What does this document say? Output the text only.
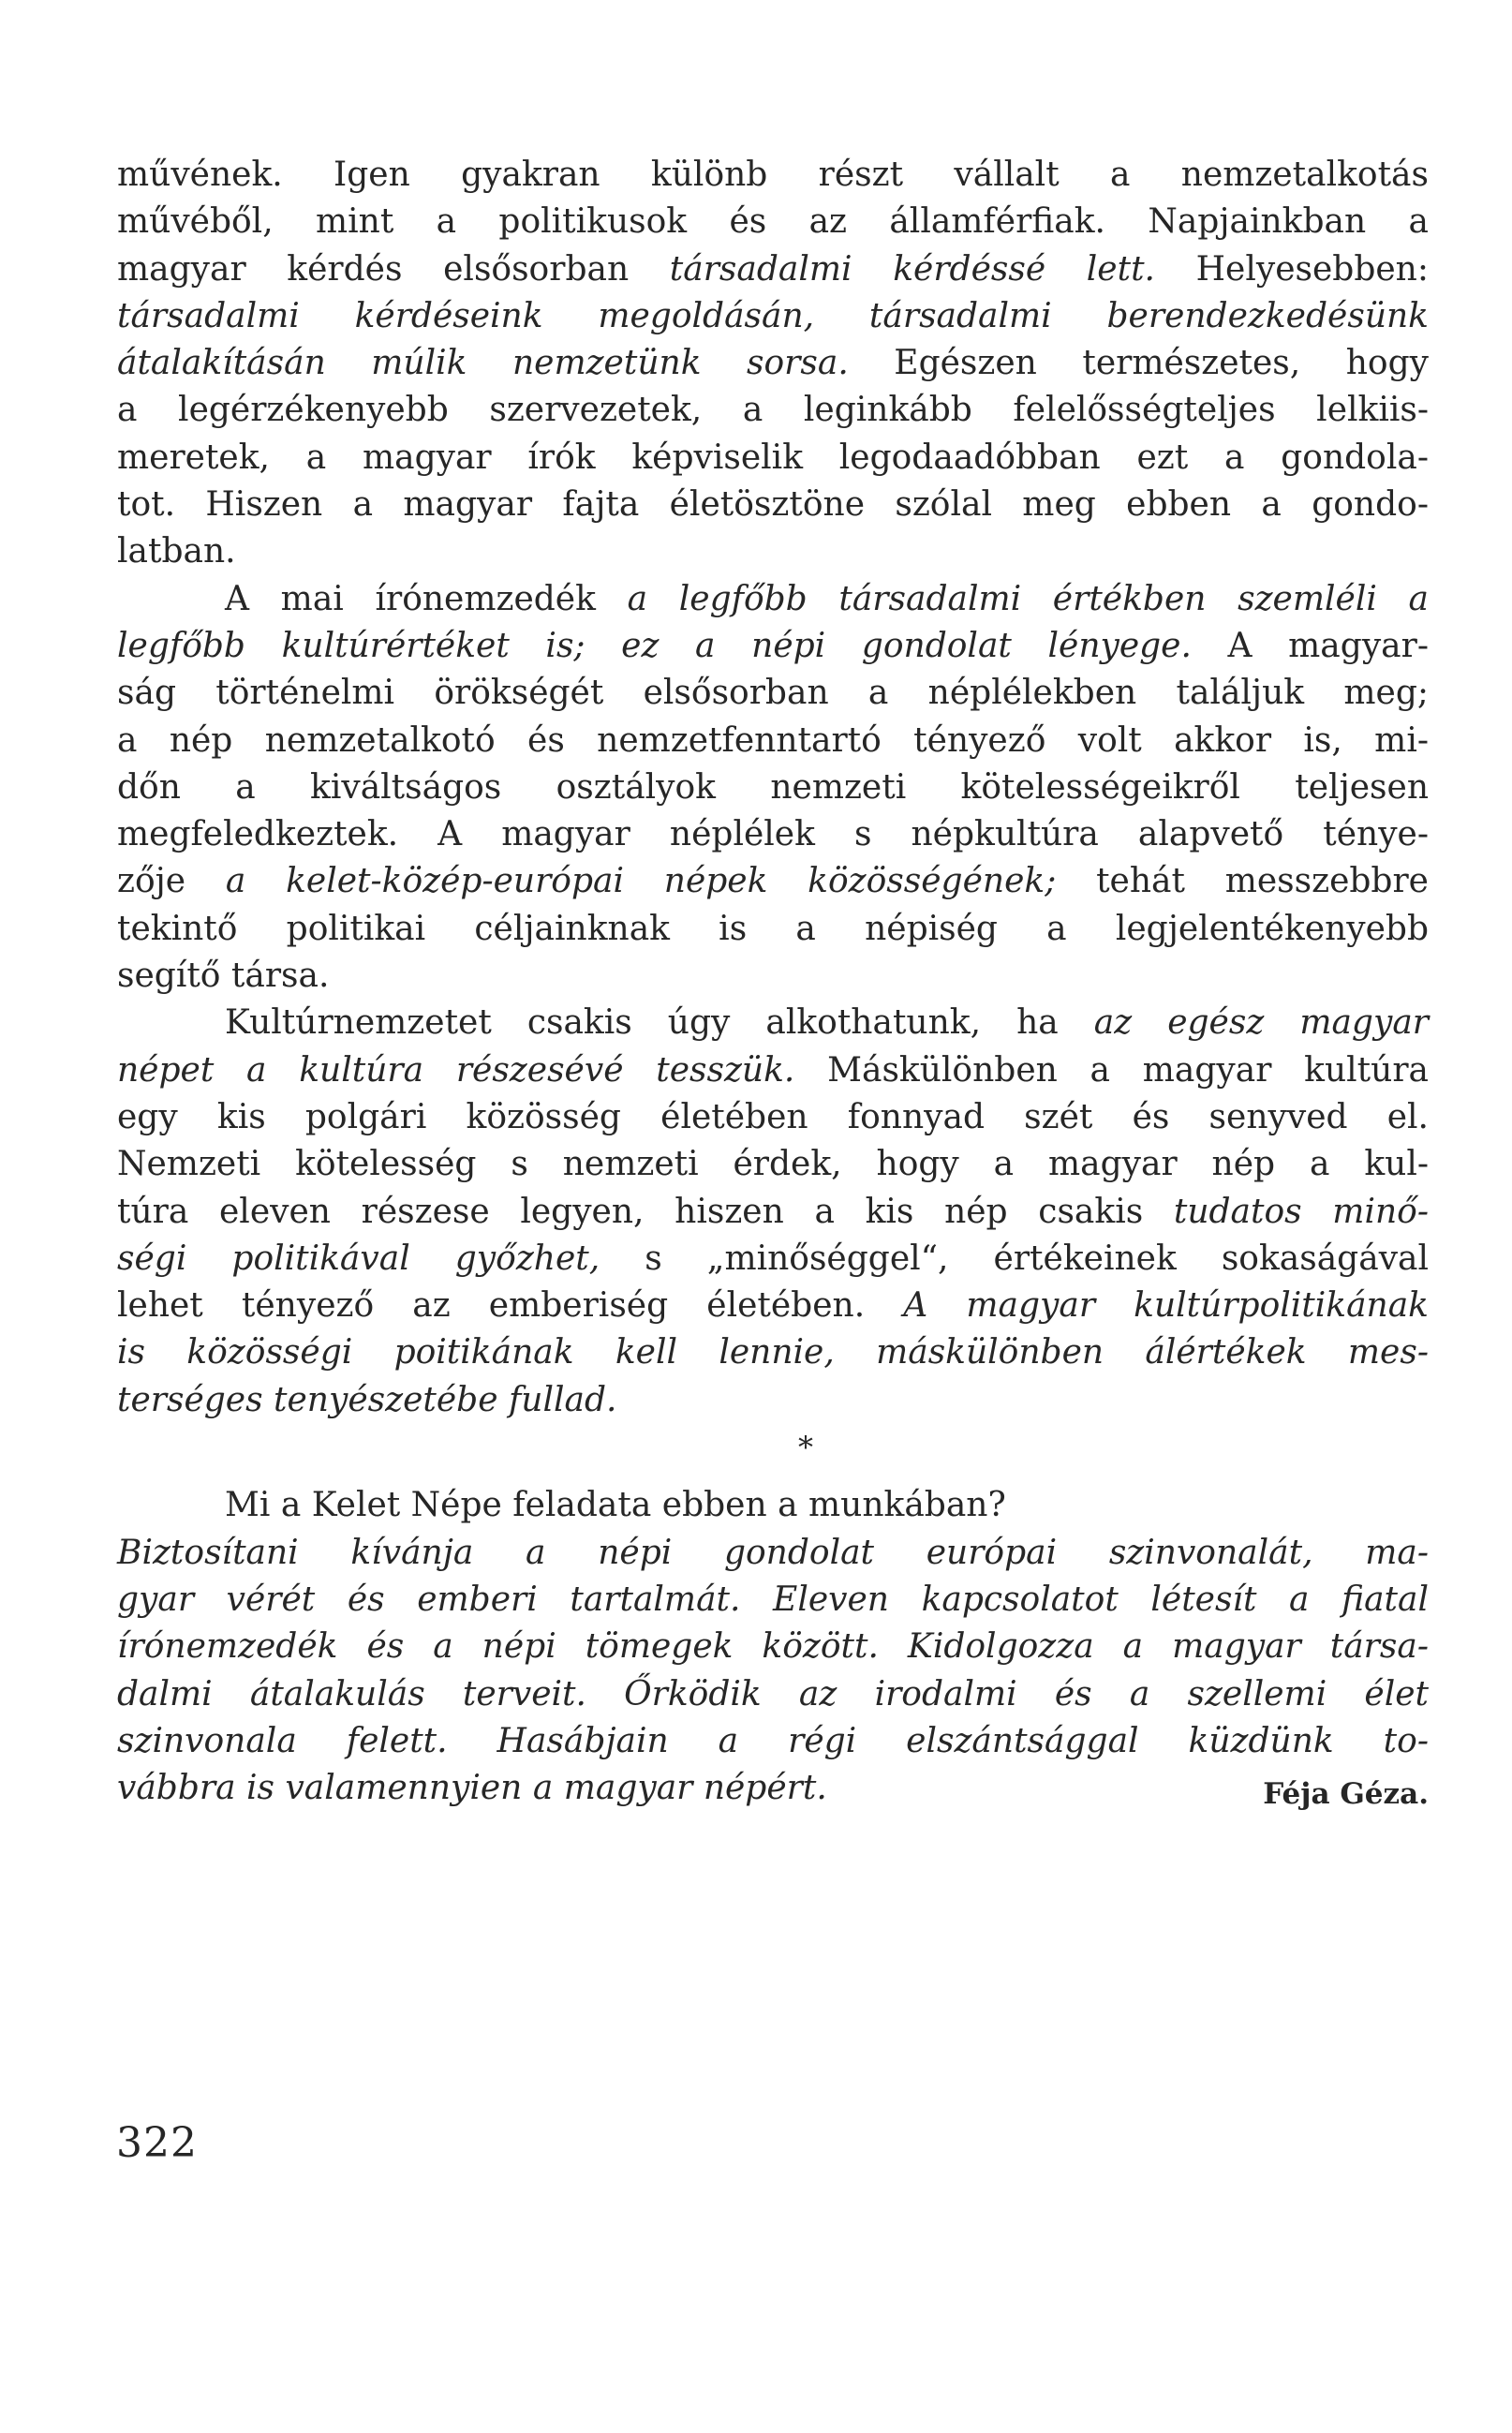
művének. Igen gyakran különb részt vállalt a nemzetalkotás
művéből, mint a politikusok és az államférfiak. Napjainkban a
magyar kérdés elsősorban társadalmi kérdéssé lett. Helyesebben:
társadalmi kérdéseink megoldásán, társadalmi berendezkedésünk
átalakításán múlik nemzetünk sorsa. Egészen természetes, hogy
a legérzékenyebb szervezetek, a leginkább felelősségteljes lelkiis-
meretek, a magyar írók képviselik legodaadóbban ezt a gondola-
tot. Hiszen a magyar fajta életösztöne szólal meg ebben a gondo-
latban.
A mai írónemzedék a legfőbb társadalmi értékben szemléli a
legfőbb kultúrértéket is; ez a népi gondolat lényege. A magyar-
ság történelmi örökségét elsősorban a néplélekben találjuk meg;
a nép nemzetalkotó és nemzetfenntartó tényező volt akkor is, mi-
dőn a kiváltságos osztályok nemzeti kötelességeikről teljesen
megfeledkeztek. A magyar néplélek s népkultúra alapvető ténye-
zője a kelet-közép-európai népek közösségének; tehát messzebbre
tekintő politikai céljainknak is a népiség a legjelentékenyebb
segítő társa.
Kultúrnemzetet csakis úgy alkothatunk, ha az egész magyar
népet a kultúra részesévé tesszük. Máskülönben a magyar kultúra
egy kis polgári közösség életében fonnyad szét és senyved el.
Nemzeti kötelesség s nemzeti érdek, hogy a magyar nép a kul-
túra eleven részese legyen, hiszen a kis nép csakis tudatos minő-
ségi politikával győzhet, s „minőséggel“, értékeinek sokaságával
lehet tényező az emberiség életében. A magyar kultúrpolitikának
is közösségi poitikának kell lennie, máskülönben álértékek mes-
terséges tenyészetébe fullad.
*
Mi a Kelet Népe feladata ebben a munkában?
Biztosítani kívánja a népi gondolat európai szinvonalát, ma-
gyar vérét és emberi tartalmát. Eleven kapcsolatot létesít a fiatal
írónemzedék és a népi tömegek között. Kidolgozza a magyar társa-
dalmi átalakulás terveit. Őrködik az irodalmi és a szellemi élet
szinvonala felett. Hasábjain a régi elszántsággal küzdünk to-
vábbra is valamennyien a magyar népért.	Féja Géza.
322
